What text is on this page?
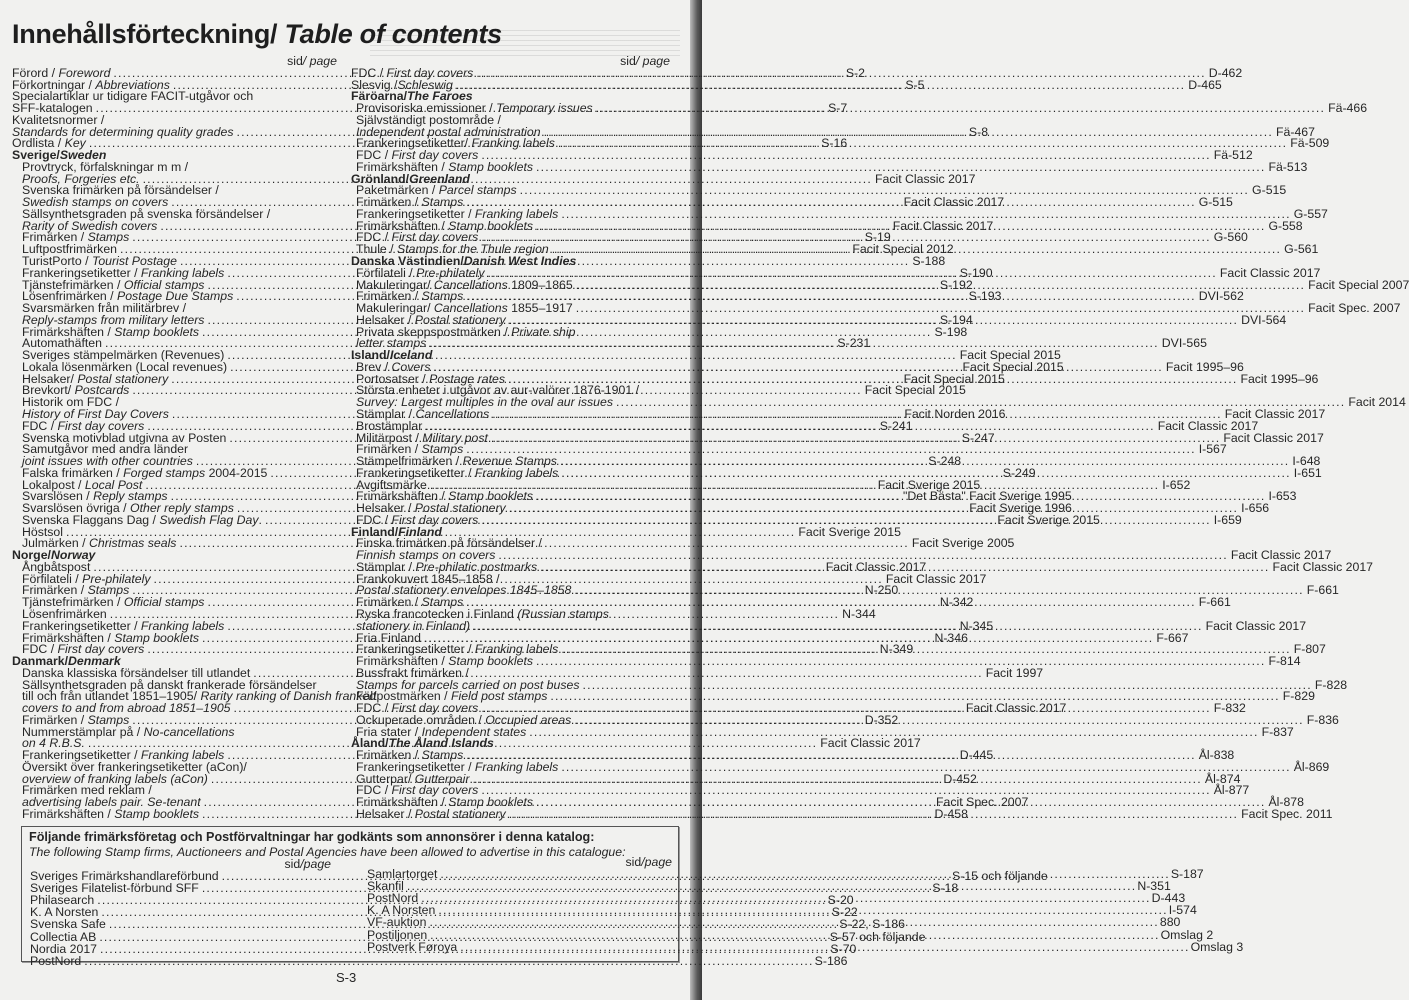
Innehållsförteckning/ Table of contents
sid / page
Förord / Foreword .....	S-2
Förkortningar / Abbreviations .....	S-5
Specialartiklar ur tidigare FACIT-utgåvor och
SFF-katalogen .....	S-7
Kvalitetsnormer /
Standards for determining quality grades .....	S-8
Ordlista / Key .....	S-16
Sverige/ Sweden
Provtryck, förfalskningar m m /
Proofs, Forgeries etc. .....	Facit Classic 2017
Svenska frimärken på försändelser /
Swedish stamps on covers .....	Facit Classic 2017
Sällsynthetsgraden på svenska försändelser /
Rarity of Swedish covers .....	Facit Classic 2017
Frimärken / Stamps .....	S-19
Luftpostfrimärken .....	Facit Special 2012
TuristPorto / Tourist Postage .....	S-188
Frankeringsetiketter / Franking labels .....	S-190
Tjänstefrimärken / Official stamps .....	S-192
Lösenfrimärken / Postage Due Stamps .....	S-193
Svarsmärken från militärbrev /
Reply-stamps from military letters .....	S-194
Frimärkshäften / Stamp booklets .....	S-198
Automathäften .....	S-231
Sveriges stämpelmärken (Revenues) .....	Facit Special 2015
Lokala lösenmärken (Local revenues) .....	Facit Special 2015
Helsaker/ Postal stationery .....	Facit Special 2015
Brevkort/ Postcards .....	Facit Special 2015
Historik om FDC /
History of First Day Covers .....	Facit Norden 2016
FDC / First day covers .....	S-241
Svenska motivblad utgivna av Posten .....	S-247
Samutgåvor med andra länder
joint issues with other countries .....	S-248
Falska frimärken / Forged stamps 2004-2015 .....	S-249
Lokalpost / Local Post .....	Facit Sverige 2015
Svarslösen / Reply stamps .....	"Det Bästa" Facit Sverige 1995
Svarslösen övriga / Other reply stamps .....	Facit Sverige 1996
Svenska Flaggans Dag / Swedish Flag Day. .....	Facit Sverige 2015
Höstsol .....	Facit Sverige 2015
Julmärken / Christmas seals .....	Facit Sverige 2005
Norge/ Norway
Ångbåtspost .....	Facit Classic 2017
Förfilateli / Pre-philately .....	Facit Classic 2017
Frimärken / Stamps .....	N-250
Tjänstefrimärken / Official stamps .....	N-342
Lösenfrimärken .....	N-344
Frankeringsetiketter / Franking labels .....	N-345
Frimärkshäften / Stamp booklets .....	N-346
FDC / First day covers .....	N-349
Danmark/ Denmark
Danska klassiska försändelser till utlandet .....	Facit 1997
Sällsynthetsgraden på danskt frankerade försändelser
till och från utlandet 1851–1905/ Rarity ranking of Danish franked
covers to and from abroad 1851–1905 .....	Facit Classic 2017
Frimärken / Stamps .....	D-352
Nummerstämplar på / No-cancellations
on 4 R.B.S. .....	Facit Classic 2017
Frankeringsetiketter / Franking labels .....	D-445
Översikt över frankeringsetiketter (aCon)/
overview of franking labels (aCon) .....	D-452
Frimärken med reklam /
advertising labels pair. Se-tenant .....	Facit Spec. 2007
Frimärkshäften / Stamp booklets .....	D-458
sid / page
FDC / First day covers .....	D-462
Slesvig /Schleswig .....	D-465
Färöarna/ The Faroes
Provisoriska emissioner / Temporary issues .....	Fä-466
Självständigt postområde /
Independent postal administration .....	Fä-467
Frankeringsetiketter/ Franking labels .....	Fä-509
FDC / First day covers .....	Fä-512
Frimärkshäften / Stamp booklets .....	Fä-513
Grönland/ Greenland
Paketmärken / Parcel stamps .....	G-515
Frimärken / Stamps .....	G-515
Frankeringsetiketter / Franking labels .....	G-557
Frimärkshäften / Stamp booklets .....	G-558
FDC / First day covers .....	G-560
Thule / Stamps for the Thule region .....	G-561
Danska Västindien/ Danish West Indies
Förfilateli / Pre-philately .....	Facit Classic 2017
Makuleringar/ Cancellations 1809–1865 .....	Facit Special 2007
Frimärken / Stamps .....	DVI-562
Makuleringar/ Cancellations 1855–1917 .....	Facit Spec. 2007
Helsaker / Postal stationery .....	DVI-564
Privata skeppspostmärken / Private ship
letter stamps .....	DVI-565
Island/ Iceland
Brev / Covers .....	Facit 1995–96
Portosatser / Postage rates .....	Facit 1995–96
Största enheter i utgåvor av aur-valörer 1876-1901 /
Survey: Largest multiples in the oval aur issues .....	Facit 2014
Stämplar / Cancellations .....	Facit Classic 2017
Brostämplar .....	Facit Classic 2017
Militärpost / Military post .....	Facit Classic 2017
Frimärken / Stamps .....	I-567
Stämpelfrimärken / Revenue Stamps .....	I-648
Frankeringsetiketter / Franking labels .....	I-651
Avgiftsmärke .....	I-652
Frimärkshäften / Stamp booklets .....	I-653
Helsaker / Postal stationery .....	I-656
FDC / First day covers .....	I-659
Finland/ Finland
Finska frimärken på försändelser /
Finnish stamps on covers .....	Facit Classic 2017
Stämplar / Pre-philatic postmarks .....	Facit Classic 2017
Frankokuvert 1845–1858 /
Postal stationery envelopes 1845–1858 .....	F-661
Frimärken / Stamps .....	F-661
Ryska francotecken i Finland (Russian stamps
stationery in Finland) .....	Facit Classic 2017
Fria Finland .....	F-667
Frankeringsetiketter / Franking labels .....	F-807
Frimärkshäften / Stamp booklets .....	F-814
Bussfrakt frimärken /
Stamps for parcels carried on post buses .....	F-828
Fältpostmärken / Field post stamps .....	F-829
FDC / First day covers .....	F-832
Ockuperade områden / Occupied areas .....	F-836
Fria stater / Independent states .....	F-837
Åland/ The Åland Islands
Frimärken / Stamps .....	Ål-838
Frankeringsetiketter / Franking labels .....	Ål-869
Gutterpar/ Gutterpair .....	Ål-874
FDC / First day covers .....	Ål-877
Frimärkshäften / Stamp booklets .....	Ål-878
Helsaker / Postal stationery .....	Facit Spec. 2011
Följande frimärksföretag och Postförvaltningar har godkänts som annonsörer i denna katalog:
The following Stamp firms, Auctioneers and Postal Agencies have been allowed to advertise in this catalogue:
sid /page
Sveriges Frimärkshandlareförbund .....	S-15 och följande
Sveriges Filatelist-förbund SFF .....	S-18
Philasearch .....	S-20
K. A Norsten .....	S-22
Svenska Safe .....	S-22, S-186
Collectia AB .....	S-57 och följande
Nordia 2017 .....	S-70
PostNord .....	S-186
sid /page
Samlartorget .....	S-187
Skanfil .....	N-351
PostNord .....	D-443
K. A Norsten .....	I-574
VF-auktion .....	880
Postiljonen .....	Omslag 2
Postverk Føroya .....	Omslag 3
S-3
